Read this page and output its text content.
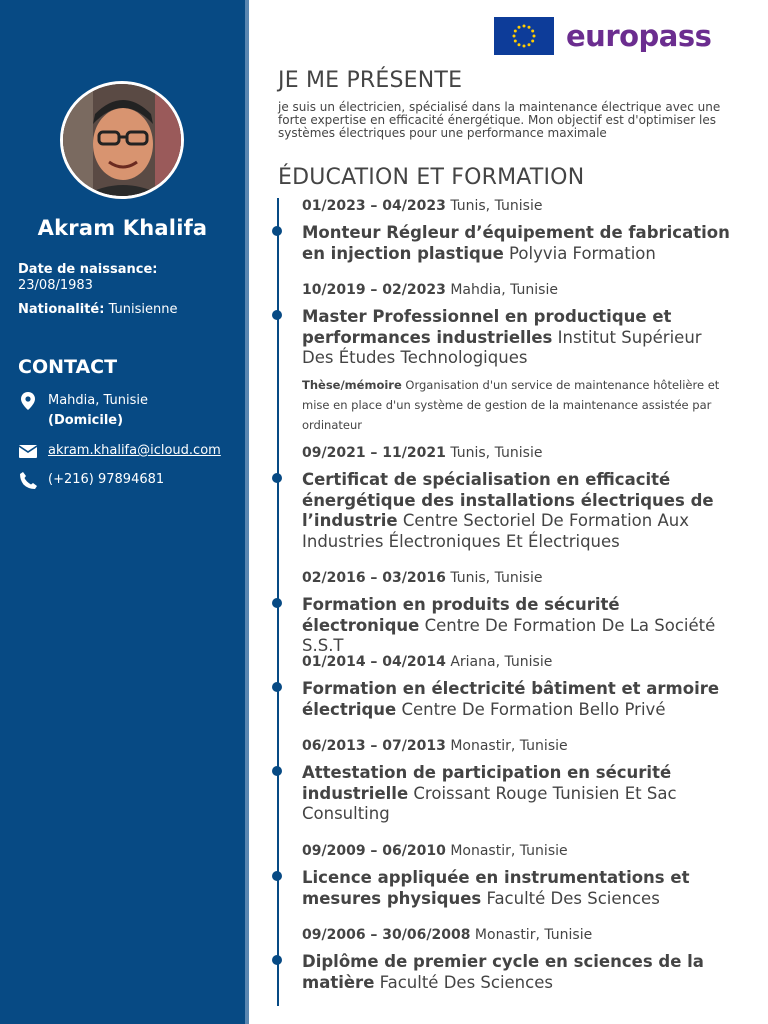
Akram Khalifa
Date de naissance:
23/08/1983
Nationalité: Tunisienne
CONTACT
Mahdia, Tunisie
(Domicile)
akram.khalifa@icloud.com
(+216) 97894681
europass
JE ME PRÉSENTE
je suis un électricien, spécialisé dans la maintenance électrique avec une forte expertise en efficacité énergétique. Mon objectif est d'optimiser les systèmes électriques pour une performance maximale
ÉDUCATION ET FORMATION
01/2023 – 04/2023 Tunis, Tunisie
Monteur Régleur d’équipement de fabrication en injection plastique Polyvia Formation
10/2019 – 02/2023 Mahdia, Tunisie
Master Professionnel en productique et performances industrielles Institut Supérieur Des Études Technologiques
Thèse/mémoire Organisation d'un service de maintenance hôtelière et mise en place d'un système de gestion de la maintenance assistée par ordinateur
09/2021 – 11/2021 Tunis, Tunisie
Certificat de spécialisation en efficacité énergétique des installations électriques de l’industrie Centre Sectoriel De Formation Aux Industries Électroniques Et Électriques
02/2016 – 03/2016 Tunis, Tunisie
Formation en produits de sécurité électronique Centre De Formation De La Société S.S.T
01/2014 – 04/2014 Ariana, Tunisie
Formation en électricité bâtiment et armoire électrique Centre De Formation Bello Privé
06/2013 – 07/2013 Monastir, Tunisie
Attestation de participation en sécurité industrielle Croissant Rouge Tunisien Et Sac Consulting
09/2009 – 06/2010 Monastir, Tunisie
Licence appliquée en instrumentations et mesures physiques Faculté Des Sciences
09/2006 – 30/06/2008 Monastir, Tunisie
Diplôme de premier cycle en sciences de la matière Faculté Des Sciences
